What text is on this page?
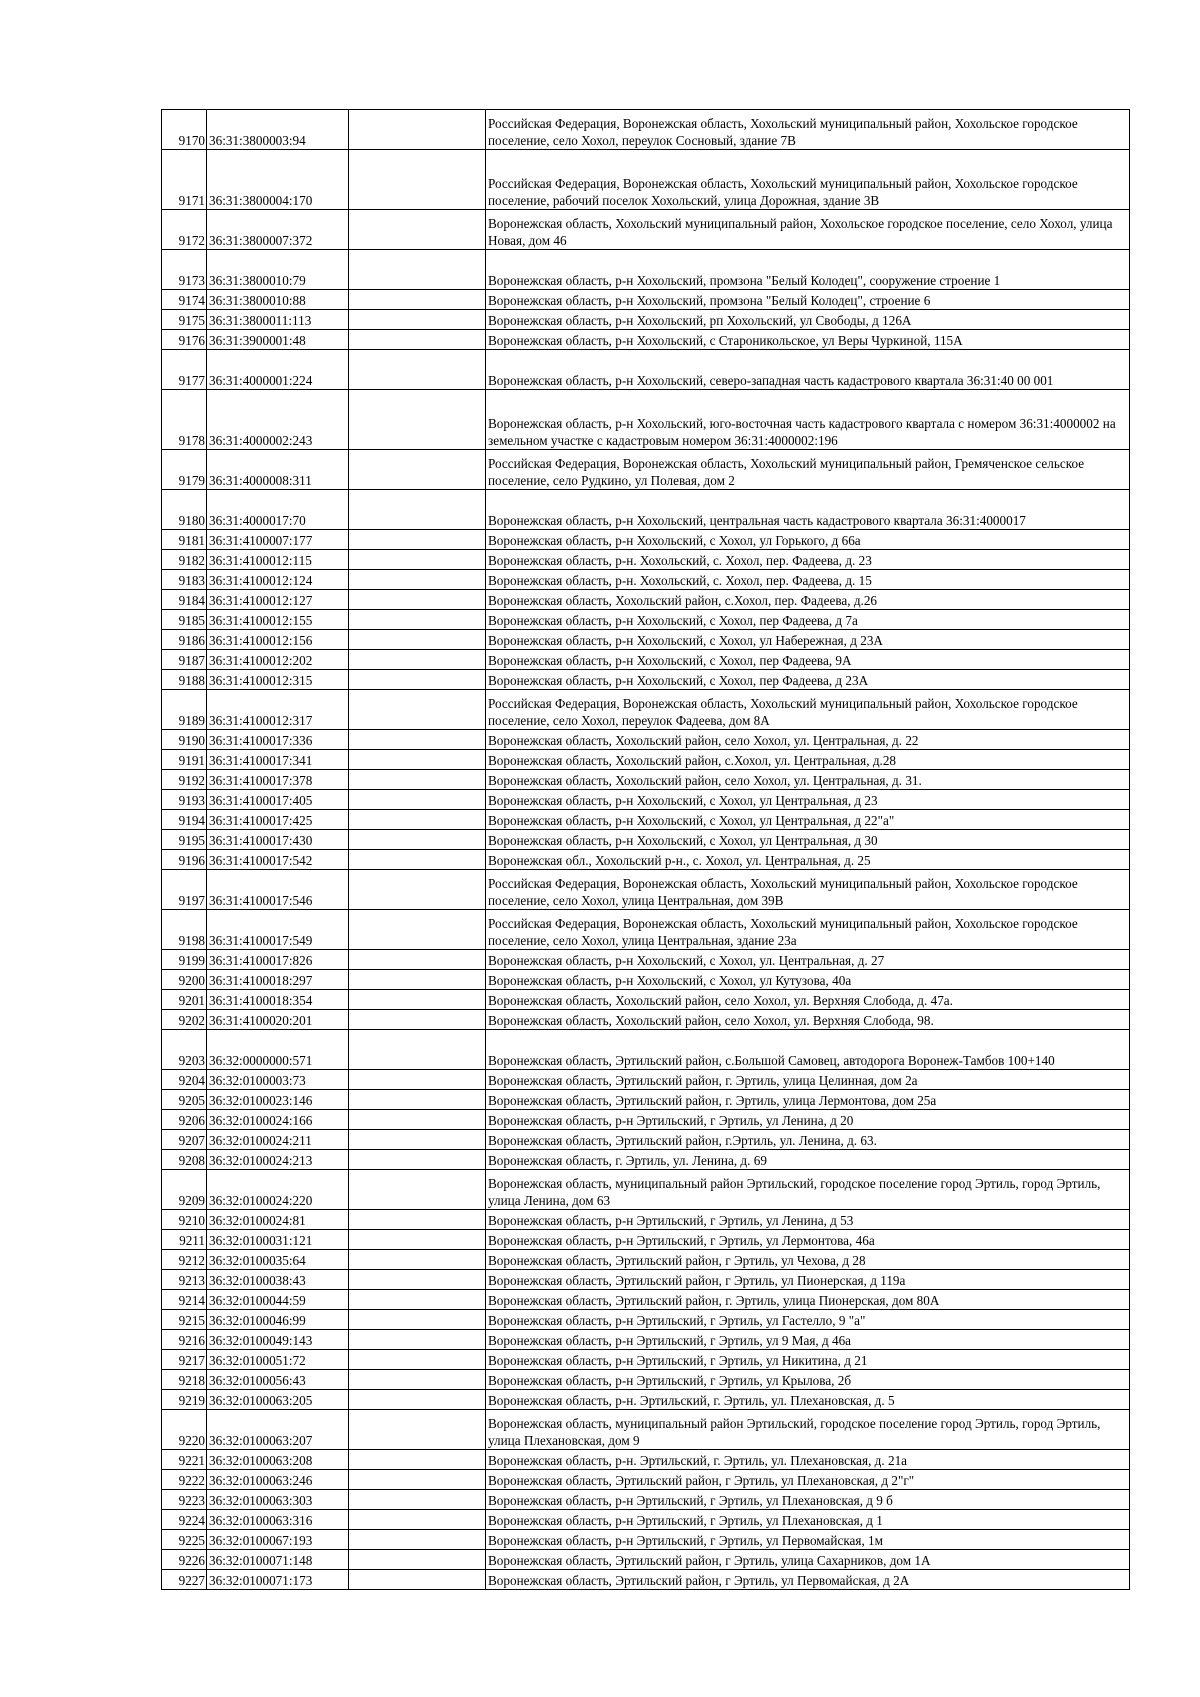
9170	36:31:3800003:94		Российская Федерация, Воронежская область, Хохольский муниципальный район, Хохольское городское поселение, село Хохол, переулок Сосновый, здание 7В
9171	36:31:3800004:170		Российская Федерация, Воронежская область, Хохольский муниципальный район, Хохольское городское поселение, рабочий поселок Хохольский, улица Дорожная, здание 3В
9172	36:31:3800007:372		Воронежская область, Хохольский муниципальный район, Хохольское городское поселение, село Хохол, улица Новая, дом 46
9173	36:31:3800010:79		Воронежская область, р-н Хохольский, промзона "Белый Колодец", сооружение строение 1
9174	36:31:3800010:88		Воронежская область, р-н Хохольский, промзона "Белый Колодец", строение 6
9175	36:31:3800011:113		Воронежская область, р-н Хохольский, рп Хохольский, ул Свободы, д 126А
9176	36:31:3900001:48		Воронежская область, р-н Хохольский, с Староникольское, ул Веры Чуркиной, 115А
9177	36:31:4000001:224		Воронежская область, р-н Хохольский, северо-западная часть кадастрового квартала 36:31:40 00 001
9178	36:31:4000002:243		Воронежская область, р-н Хохольский, юго-восточная часть кадастрового квартала с номером 36:31:4000002 на земельном участке с кадастровым номером 36:31:4000002:196
9179	36:31:4000008:311		Российская Федерация, Воронежская область, Хохольский муниципальный район, Гремяченское сельское поселение, село Рудкино, ул Полевая, дом 2
9180	36:31:4000017:70		Воронежская область, р-н Хохольский, центральная часть кадастрового квартала 36:31:4000017
9181	36:31:4100007:177		Воронежская область, р-н Хохольский, с Хохол, ул Горького, д 66а
9182	36:31:4100012:115		Воронежская область, р-н. Хохольский, с. Хохол, пер. Фадеева, д. 23
9183	36:31:4100012:124		Воронежская область, р-н. Хохольский, с. Хохол, пер. Фадеева, д. 15
9184	36:31:4100012:127		Воронежская область, Хохольский район, с.Хохол, пер. Фадеева, д.26
9185	36:31:4100012:155		Воронежская область, р-н Хохольский, с Хохол, пер Фадеева, д 7а
9186	36:31:4100012:156		Воронежская область, р-н Хохольский, с Хохол, ул Набережная, д 23А
9187	36:31:4100012:202		Воронежская область, р-н Хохольский, с Хохол, пер Фадеева, 9А
9188	36:31:4100012:315		Воронежская область, р-н Хохольский, с Хохол, пер Фадеева, д 23А
9189	36:31:4100012:317		Российская Федерация, Воронежская область, Хохольский муниципальный район, Хохольское городское поселение, село Хохол, переулок Фадеева, дом 8А
9190	36:31:4100017:336		Воронежская область, Хохольский район, село Хохол, ул. Центральная, д. 22
9191	36:31:4100017:341		Воронежская область, Хохольский район, с.Хохол, ул. Центральная, д.28
9192	36:31:4100017:378		Воронежская область, Хохольский район, село Хохол, ул. Центральная, д. 31.
9193	36:31:4100017:405		Воронежская область, р-н Хохольский, с Хохол, ул Центральная, д 23
9194	36:31:4100017:425		Воронежская область, р-н Хохольский, с Хохол, ул Центральная, д 22"а"
9195	36:31:4100017:430		Воронежская область, р-н Хохольский, с Хохол, ул Центральная, д 30
9196	36:31:4100017:542		Воронежская обл., Хохольский р-н., с. Хохол, ул. Центральная, д. 25
9197	36:31:4100017:546		Российская Федерация, Воронежская область, Хохольский муниципальный район, Хохольское городское поселение, село Хохол, улица Центральная, дом 39В
9198	36:31:4100017:549		Российская Федерация, Воронежская область, Хохольский муниципальный район, Хохольское городское поселение, село Хохол, улица Центральная, здание 23а
9199	36:31:4100017:826		Воронежская область, р-н Хохольский, с Хохол, ул. Центральная, д. 27
9200	36:31:4100018:297		Воронежская область, р-н Хохольский, с Хохол, ул Кутузова, 40а
9201	36:31:4100018:354		Воронежская область, Хохольский район, село Хохол, ул. Верхняя Слобода, д. 47а.
9202	36:31:4100020:201		Воронежская область, Хохольский район, село Хохол, ул. Верхняя Слобода, 98.
9203	36:32:0000000:571		Воронежская область, Эртильский район, с.Большой Самовец, автодорога Воронеж-Тамбов 100+140
9204	36:32:0100003:73		Воронежская область, Эртильский район, г. Эртиль, улица Целинная, дом 2а
9205	36:32:0100023:146		Воронежская область, Эртильский район, г. Эртиль, улица Лермонтова, дом 25а
9206	36:32:0100024:166		Воронежская область, р-н Эртильский, г Эртиль, ул Ленина, д 20
9207	36:32:0100024:211		Воронежская область, Эртильский район, г.Эртиль, ул. Ленина, д. 63.
9208	36:32:0100024:213		Воронежская область, г. Эртиль, ул. Ленина, д. 69
9209	36:32:0100024:220		Воронежская область, муниципальный район Эртильский, городское поселение город Эртиль, город Эртиль, улица Ленина, дом 63
9210	36:32:0100024:81		Воронежская область, р-н Эртильский, г Эртиль, ул Ленина, д 53
9211	36:32:0100031:121		Воронежская область, р-н Эртильский, г Эртиль, ул Лермонтова, 46а
9212	36:32:0100035:64		Воронежская область, Эртильский район, г Эртиль, ул Чехова, д 28
9213	36:32:0100038:43		Воронежская область, Эртильский район, г Эртиль, ул Пионерская, д 119а
9214	36:32:0100044:59		Воронежская область, Эртильский район, г. Эртиль, улица Пионерская, дом 80А
9215	36:32:0100046:99		Воронежская область, р-н Эртильский, г Эртиль, ул Гастелло, 9 "а"
9216	36:32:0100049:143		Воронежская область, р-н Эртильский, г Эртиль, ул 9 Мая, д 46а
9217	36:32:0100051:72		Воронежская область, р-н Эртильский, г Эртиль, ул Никитина, д 21
9218	36:32:0100056:43		Воронежская область, р-н Эртильский, г Эртиль, ул Крылова, 2б
9219	36:32:0100063:205		Воронежская область, р-н. Эртильский, г. Эртиль, ул. Плехановская, д. 5
9220	36:32:0100063:207		Воронежская область, муниципальный район Эртильский, городское поселение город Эртиль, город Эртиль, улица Плехановская, дом 9
9221	36:32:0100063:208		Воронежская область, р-н. Эртильский, г. Эртиль, ул. Плехановская, д. 21а
9222	36:32:0100063:246		Воронежская область, Эртильский район, г Эртиль, ул Плехановская, д 2"г"
9223	36:32:0100063:303		Воронежская область, р-н Эртильский, г Эртиль, ул Плехановская, д 9 б
9224	36:32:0100063:316		Воронежская область, р-н Эртильский, г Эртиль, ул Плехановская, д 1
9225	36:32:0100067:193		Воронежская область, р-н Эртильский, г Эртиль, ул Первомайская, 1м
9226	36:32:0100071:148		Воронежская область, Эртильский район, г Эртиль, улица Сахарников, дом 1А
9227	36:32:0100071:173		Воронежская область, Эртильский район, г Эртиль, ул Первомайская, д 2А
